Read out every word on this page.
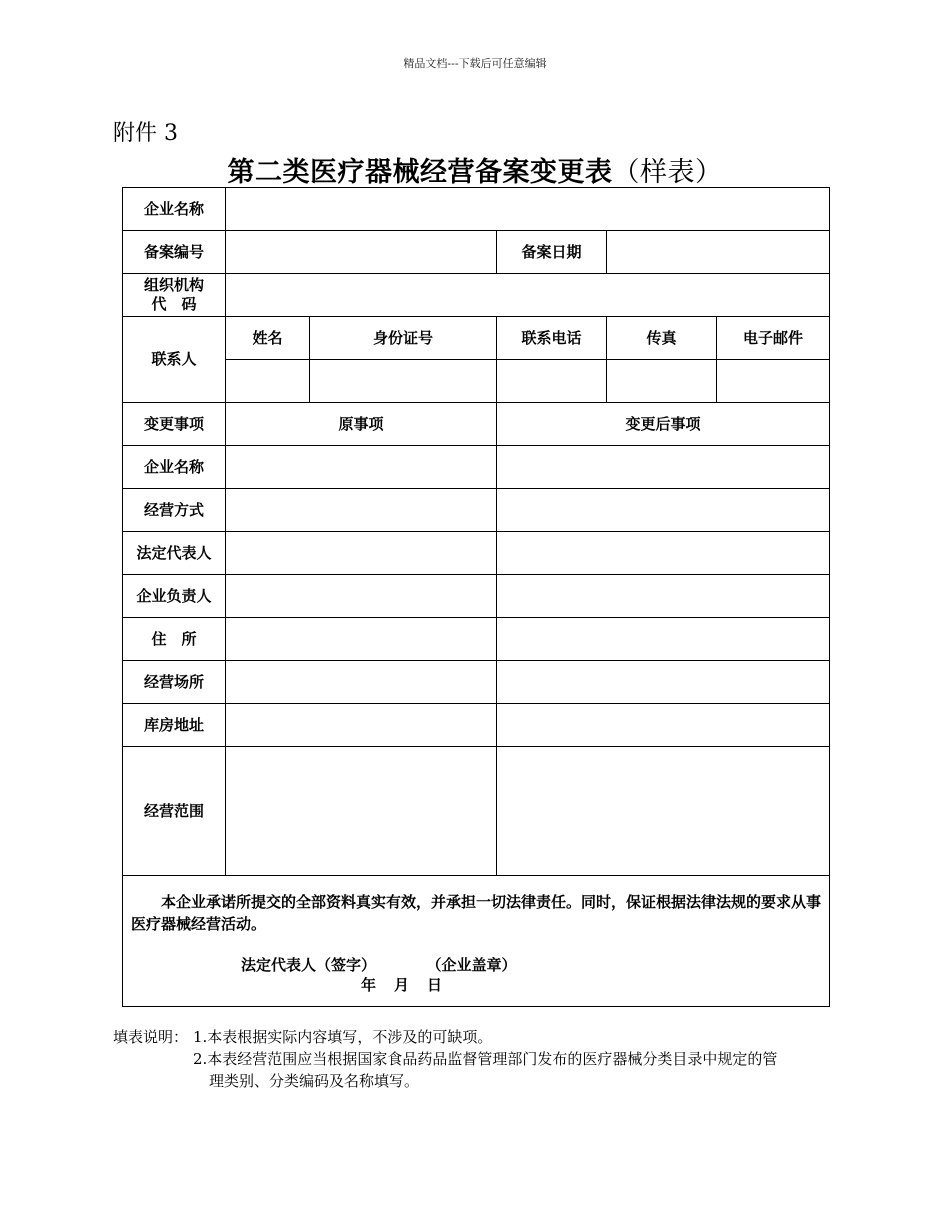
精品文档---下载后可任意编辑
附件 3
第二类医疗器械经营备案变更表（样表）
企业名称					
备案编号			备案日期		

组织机构
代　码					

联系人	姓名	身份证号	联系电话	传真	电子邮件

变更事项	原事项		变更后事项		
企业名称					
经营方式					
法定代表人					
企业负责人					
住　所					
经营场所					
库房地址					
经营范围					

本企业承诺所提交的全部资料真实有效，并承担一切法律责任。同时，保证根据法律法规的要求从事医疗器械经营活动。
法定代表人（签字） （企业盖章）
年 月 日					
填表说明： 1.本表根据实际内容填写，不涉及的可缺项。
2.本表经营范围应当根据国家食品药品监督管理部门发布的医疗器械分类目录中规定的管
理类别、分类编码及名称填写。
